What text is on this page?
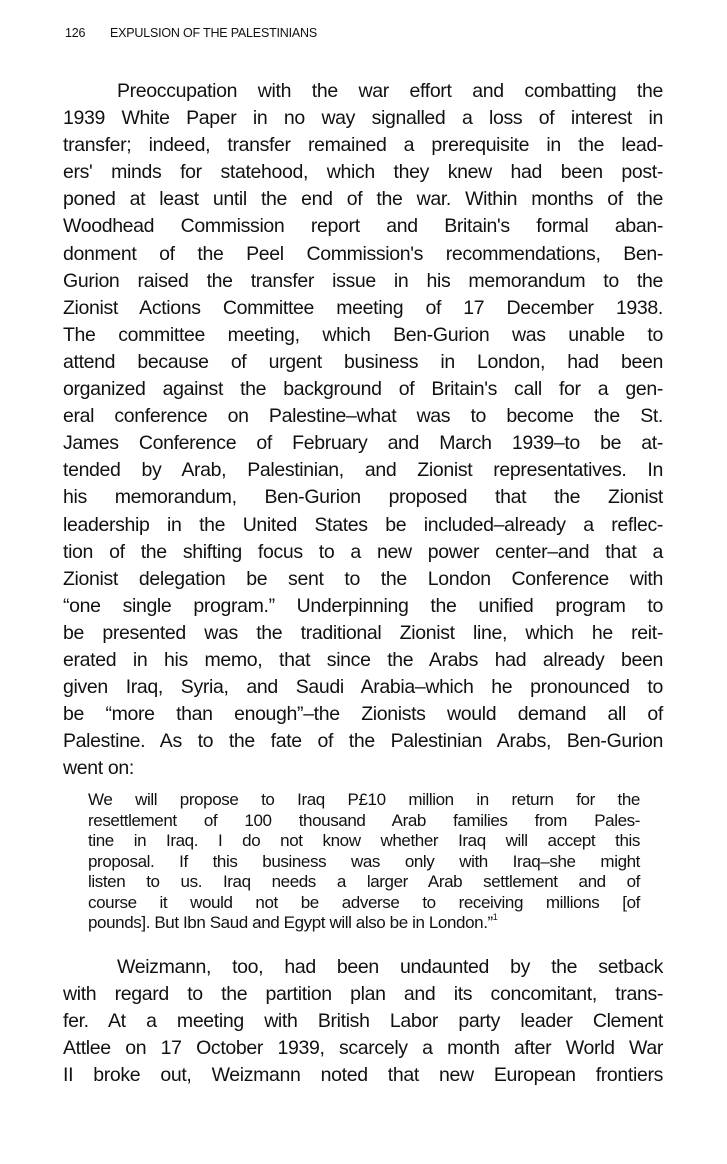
126 EXPULSION OF THE PALESTINIANS
Preoccupation with the war effort and combatting the
1939 White Paper in no way signalled a loss of interest in
transfer; indeed, transfer remained a prerequisite in the lead-
ers' minds for statehood, which they knew had been post-
poned at least until the end of the war. Within months of the
Woodhead Commission report and Britain's formal aban-
donment of the Peel Commission's recommendations, Ben-
Gurion raised the transfer issue in his memorandum to the
Zionist Actions Committee meeting of 17 December 1938.
The committee meeting, which Ben-Gurion was unable to
attend because of urgent business in London, had been
organized against the background of Britain's call for a gen-
eral conference on Palestine–what was to become the St.
James Conference of February and March 1939–to be at-
tended by Arab, Palestinian, and Zionist representatives. In
his memorandum, Ben-Gurion proposed that the Zionist
leadership in the United States be included–already a reflec-
tion of the shifting focus to a new power center–and that a
Zionist delegation be sent to the London Conference with
“one single program.” Underpinning the unified program to
be presented was the traditional Zionist line, which he reit-
erated in his memo, that since the Arabs had already been
given Iraq, Syria, and Saudi Arabia–which he pronounced to
be “more than enough”–the Zionists would demand all of
Palestine. As to the fate of the Palestinian Arabs, Ben-Gurion
went on:
We will propose to Iraq P£10 million in return for the
resettlement of 100 thousand Arab families from Pales-
tine in Iraq. I do not know whether Iraq will accept this
proposal. If this business was only with Iraq–she might
listen to us. Iraq needs a larger Arab settlement and of
course it would not be adverse to receiving millions [of
pounds]. But Ibn Saud and Egypt will also be in London.”$^1$
Weizmann, too, had been undaunted by the setback
with regard to the partition plan and its concomitant, trans-
fer. At a meeting with British Labor party leader Clement
Attlee on 17 October 1939, scarcely a month after World War
II broke out, Weizmann noted that new European frontiers
